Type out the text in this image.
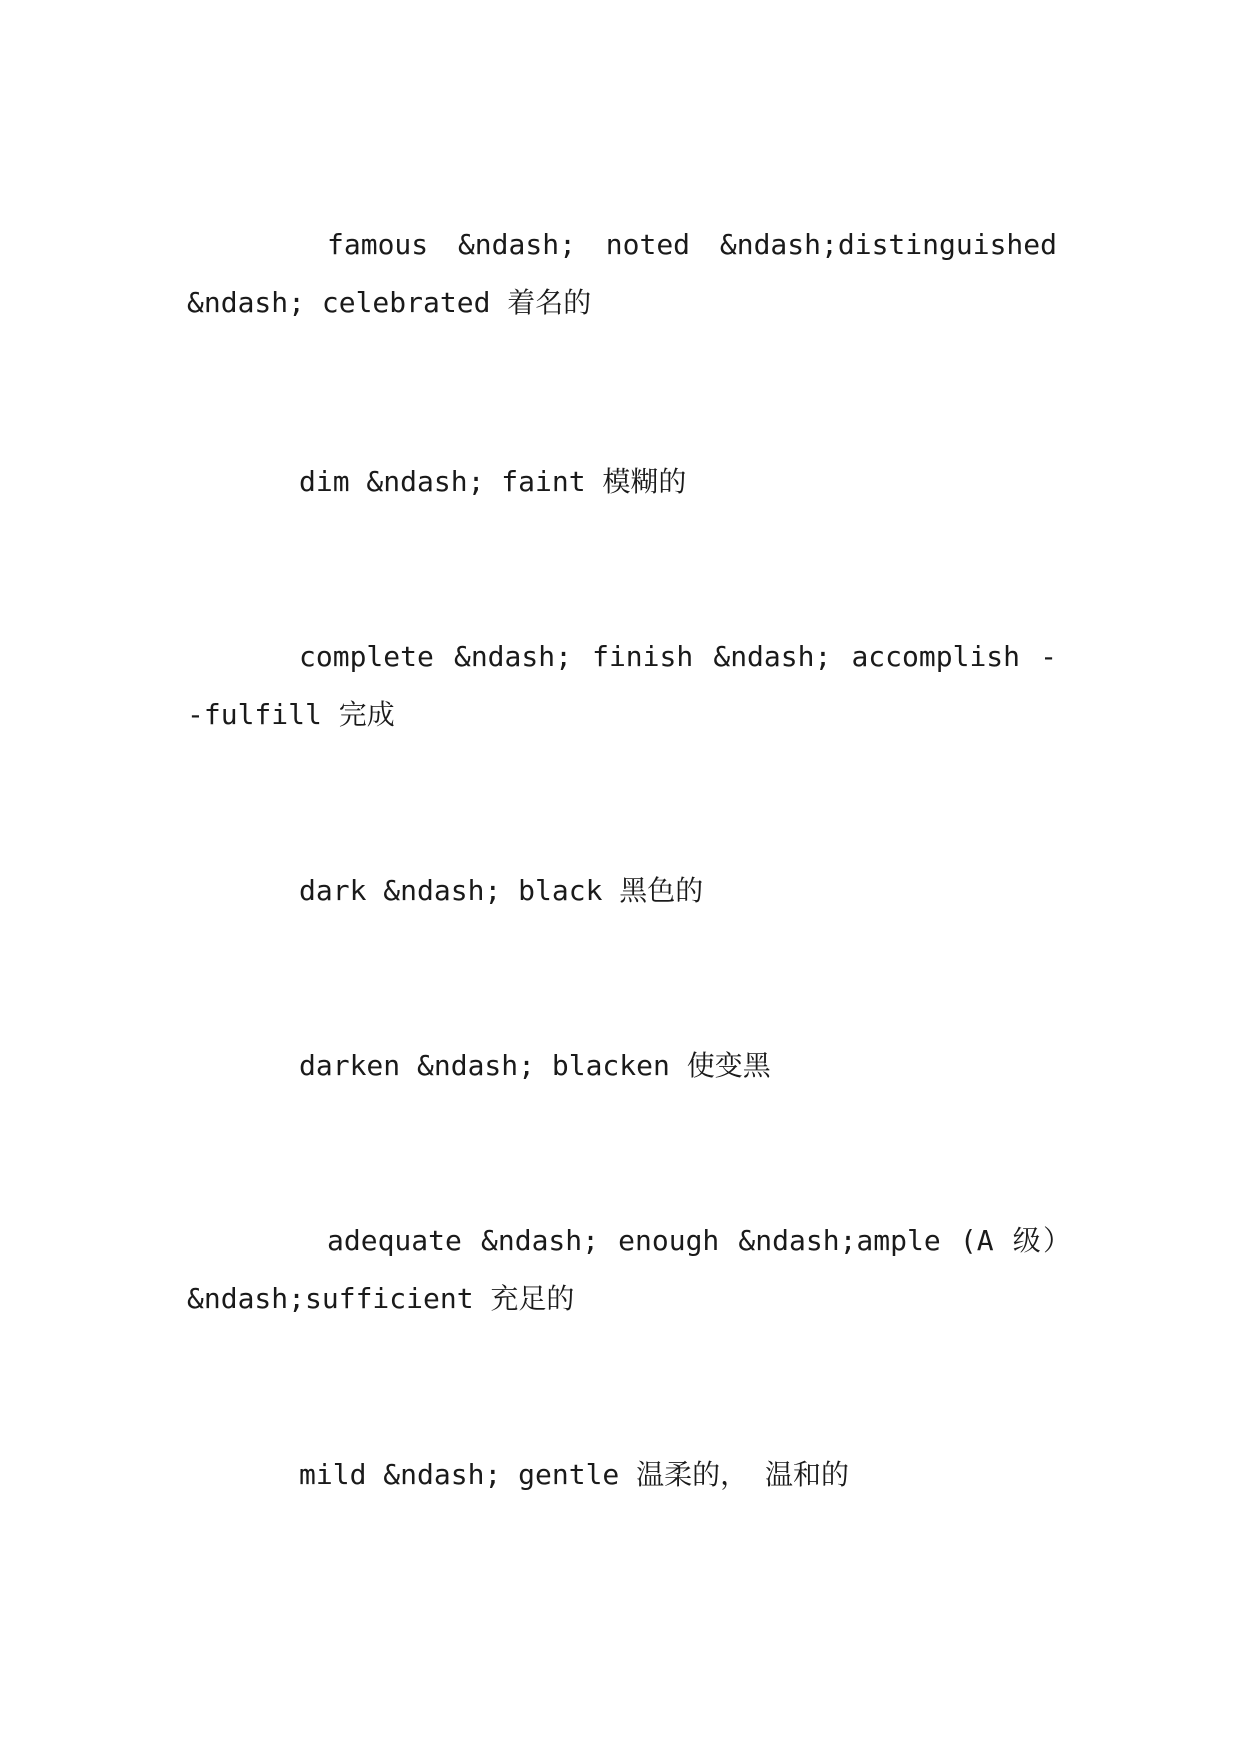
famous &ndash; noted &ndash;distinguished &ndash; celebrated 着名的

dim &ndash; faint 模糊的

complete &ndash; finish &ndash; accomplish --fulfill 完成

dark &ndash; black 黑色的

darken &ndash; blacken 使变黑

adequate &ndash; enough &ndash;ample (A 级）&ndash;sufficient 充足的

mild &ndash; gentle 温柔的， 温和的
